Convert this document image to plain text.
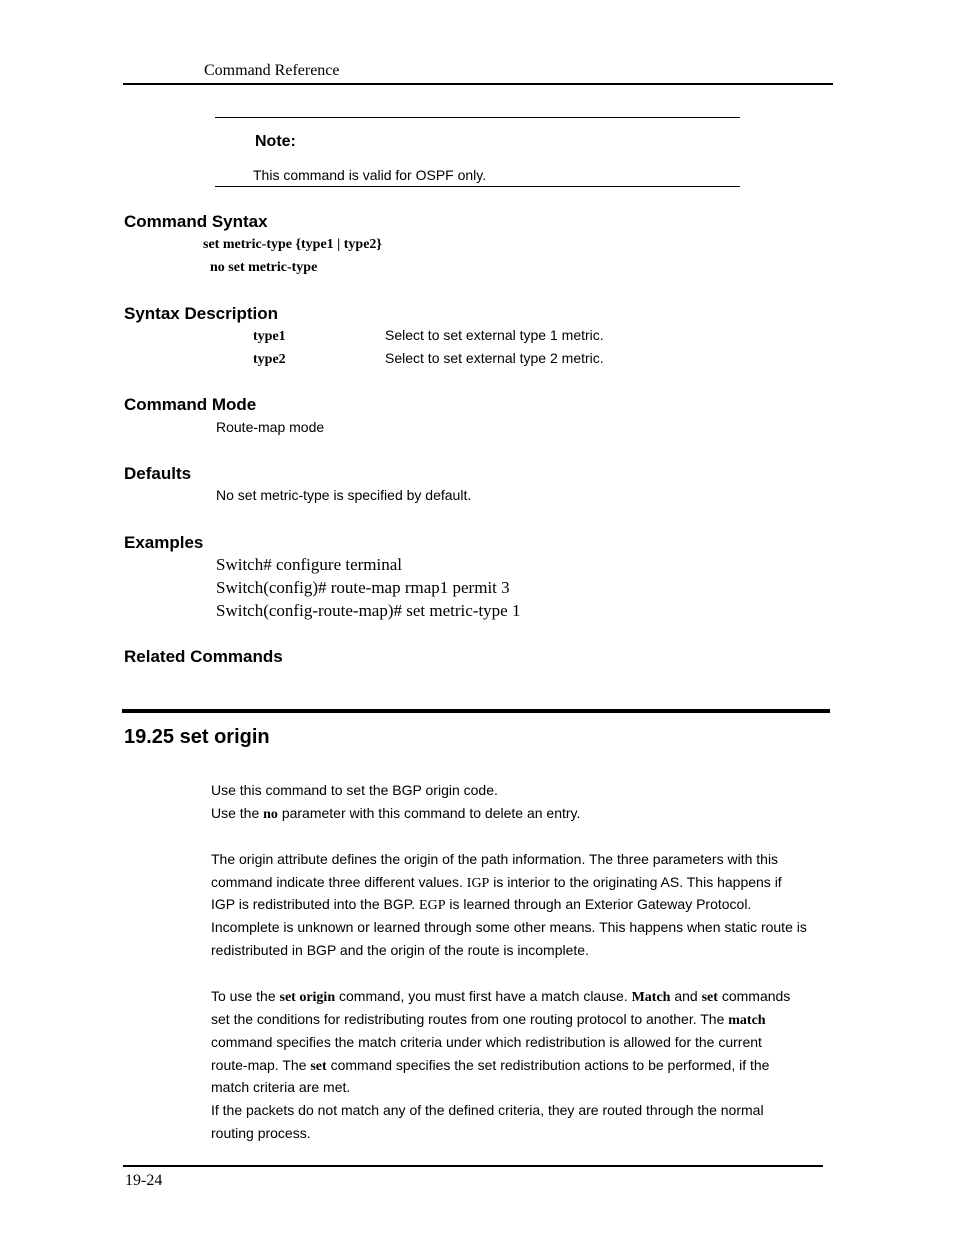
Command Reference
Note:
This command is valid for OSPF only.
Command Syntax
set metric-type {type1 | type2}
no set metric-type
Syntax Description
type1	Select to set external type 1 metric.
type2	Select to set external type 2 metric.
Command Mode
Route-map mode
Defaults
No set metric-type is specified by default.
Examples
Switch# configure terminal
Switch(config)# route-map rmap1 permit 3
Switch(config-route-map)# set metric-type 1
Related Commands
19.25 set origin
Use this command to set the BGP origin code.
Use the no parameter with this command to delete an entry.
The origin attribute defines the origin of the path information. The three parameters with this
command indicate three different values. IGP is interior to the originating AS. This happens if
IGP is redistributed into the BGP. EGP is learned through an Exterior Gateway Protocol.
Incomplete is unknown or learned through some other means. This happens when static route is
redistributed in BGP and the origin of the route is incomplete.
To use the set origin command, you must first have a match clause. Match and set commands
set the conditions for redistributing routes from one routing protocol to another. The match
command specifies the match criteria under which redistribution is allowed for the current
route-map. The set command specifies the set redistribution actions to be performed, if the
match criteria are met.
If the packets do not match any of the defined criteria, they are routed through the normal
routing process.
19-24
